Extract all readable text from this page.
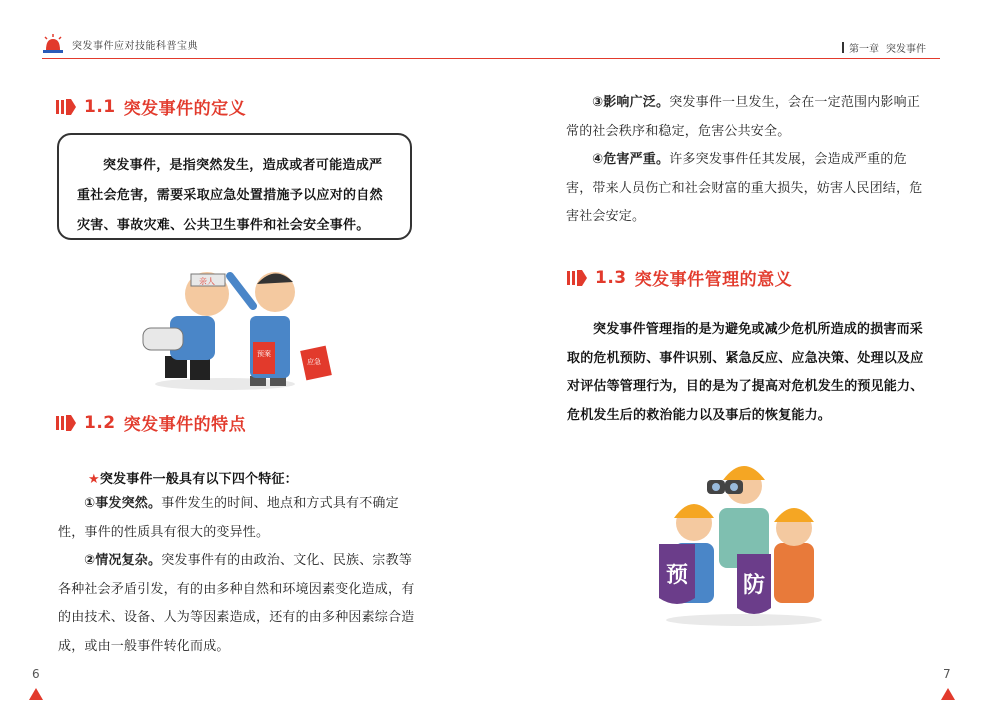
突发事件应对技能科普宝典
1.1 突发事件的定义
突发事件，是指突然发生，造成或者可能造成严重社会危害，需要采取应急处置措施予以应对的自然灾害、事故灾难、公共卫生事件和社会安全事件。
亲人
预案
应急
1.2 突发事件的特点
★突发事件一般具有以下四个特征：

①事发突然。事件发生的时间、地点和方式具有不确定性，事件的性质具有很大的变异性。

②情况复杂。突发事件有的由政治、文化、民族、宗教等各种社会矛盾引发，有的由多种自然和环境因素变化造成，有的由技术、设备、人为等因素造成，还有的由多种因素综合造成，或由一般事件转化而成。

6
第一章 突发事件

③影响广泛。突发事件一旦发生，会在一定范围内影响正常的社会秩序和稳定，危害公共安全。

④危害严重。许多突发事件任其发展，会造成严重的危害，带来人员伤亡和社会财富的重大损失，妨害人民团结，危害社会安定。

1.3 突发事件管理的意义
突发事件管理指的是为避免或减少危机所造成的损害而采取的危机预防、事件识别、紧急反应、应急决策、处理以及应对评估等管理行为，目的是为了提高对危机发生的预见能力、危机发生后的救治能力以及事后的恢复能力。
预 防
7
